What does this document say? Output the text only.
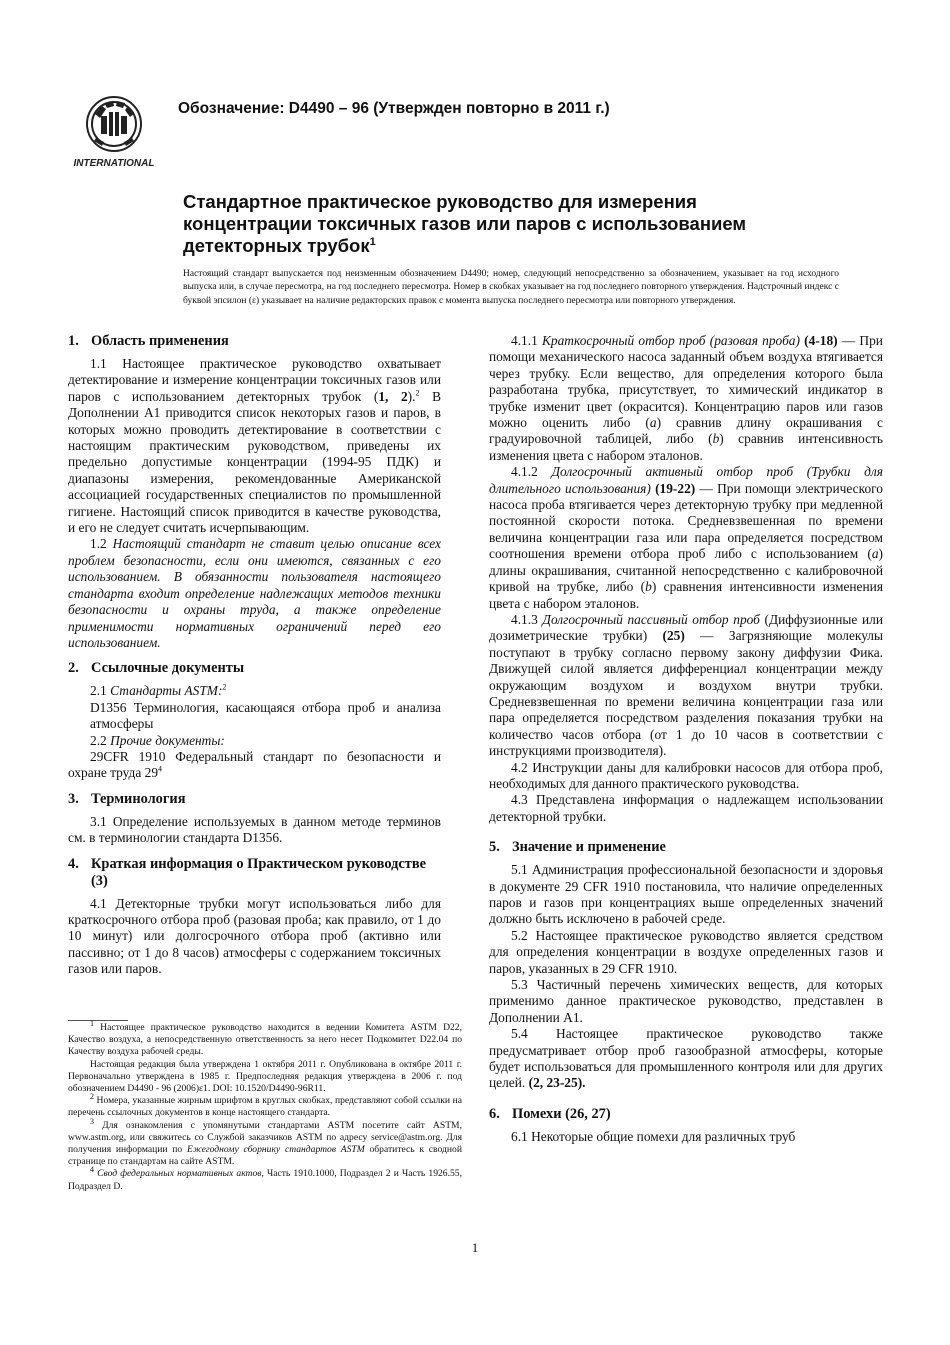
INTERNATIONAL
Обозначение: D4490 – 96 (Утвержден повторно в 2011 г.)
Стандартное практическое руководство для измерения концентрации токсичных газов или паров с использованием детекторных трубок$^1$
Настоящий стандарт выпускается под неизменным обозначением D4490; номер, следующий непосредственно за обозначением, указывает на год исходного выпуска или, в случае пересмотра, на год последнего пересмотра. Номер в скобках указывает на год последнего повторного утверждения. Надстрочный индекс с буквой эпсилон (ε) указывает на наличие редакторских правок с момента выпуска последнего пересмотра или повторного утверждения.
1. Область применения

1.1 Настоящее практическое руководство охватывает детектирование и измерение концентрации токсичных газов или паров с использованием детекторных трубок (1, 2).$^2$ В Дополнении A1 приводится список некоторых газов и паров, в которых можно проводить детектирование в соответствии с настоящим практическим руководством, приведены их предельно допустимые концентрации (1994-95 ПДК) и диапазоны измерения, рекомендованные Американской ассоциацией государственных специалистов по промышленной гигиене. Настоящий список приводится в качестве руководства, и его не следует считать исчерпывающим.

1.2 Настоящий стандарт не ставит целью описание всех проблем безопасности, если они имеются, связанных с его использованием. В обязанности пользователя настоящего стандарта входит определение надлежащих методов техники безопасности и охраны труда, а также определение применимости нормативных ограничений перед его использованием.

2. Ссылочные документы

2.1 Стандарты ASTM:$^2$

D1356 Терминология, касающаяся отбора проб и анализа атмосферы

2.2 Прочие документы:

29CFR 1910 Федеральный стандарт по безопасности и охране труда $29^4$

3. Терминология

3.1 Определение используемых в данном методе терминов см. в терминологии стандарта D1356.

4. Краткая информация о Практическом руководстве (3)

4.1 Детекторные трубки могут использоваться либо для краткосрочного отбора проб (разовая проба; как правило, от 1 до 10 минут) или долгосрочного отбора проб (активно или пассивно; от 1 до 8 часов) атмосферы с содержанием токсичных газов или паров.

4.1.1 Краткосрочный отбор проб (разовая проба) (4-18) — При помощи механического насоса заданный объем воздуха втягивается через трубку. Если вещество, для определения которого была разработана трубка, присутствует, то химический индикатор в трубке изменит цвет (окрасится). Концентрацию паров или газов можно оценить либо (a) сравнив длину окрашивания с градуировочной таблицей, либо (b) сравнив интенсивность изменения цвета с набором эталонов.

4.1.2 Долгосрочный активный отбор проб (Трубки для длительного использования) (19-22) — При помощи электрического насоса проба втягивается через детекторную трубку при медленной постоянной скорости потока. Средневзвешенная по времени величина концентрации газа или пара определяется посредством соотношения времени отбора проб либо с использованием (a) длины окрашивания, считанной непосредственно с калибровочной кривой на трубке, либо (b) сравнения интенсивности изменения цвета с набором эталонов.

4.1.3 Долгосрочный пассивный отбор проб (Диффузионные или дозиметрические трубки) (25) — Загрязняющие молекулы поступают в трубку согласно первому закону диффузии Фика. Движущей силой является дифференциал концентрации между окружающим воздухом и воздухом внутри трубки. Средневзвешенная по времени величина концентрации газа или пара определяется посредством разделения показания трубки на количество часов отбора (от 1 до 10 часов в соответствии с инструкциями производителя).

4.2 Инструкции даны для калибровки насосов для отбора проб, необходимых для данного практического руководства.

4.3 Представлена информация о надлежащем использовании детекторной трубки.

5. Значение и применение

5.1 Администрация профессиональной безопасности и здоровья в документе 29 CFR 1910 постановила, что наличие определенных паров и газов при концентрациях выше определенных значений должно быть исключено в рабочей среде.

5.2 Настоящее практическое руководство является средством для определения концентрации в воздухе определенных газов и паров, указанных в 29 CFR 1910.

5.3 Частичный перечень химических веществ, для которых применимо данное практическое руководство, представлен в Дополнении A1.

5.4 Настоящее практическое руководство также предусматривает отбор проб газообразной атмосферы, которые будет использоваться для промышленного контроля или для других целей. (2, 23-25).

6. Помехи (26, 27)

6.1 Некоторые общие помехи для различных труб

$^1$ Настоящее практическое руководство находится в ведении Комитета ASTM D22, Качество воздуха, а непосредственную ответственность за него несет Подкомитет D22.04 по Качеству воздуха рабочей среды.

Настоящая редакция была утверждена 1 октября 2011 г. Опубликована в октябре 2011 г. Первоначально утверждена в 1985 г. Предпоследняя редакция утверждена в 2006 г. под обозначением D4490 - 96 (2006)ε1. DOI: 10.1520/D4490-96R11.

$^2$ Номера, указанные жирным шрифтом в круглых скобках, представляют собой ссылки на перечень ссылочных документов в конце настоящего стандарта.

$^3$ Для ознакомления с упомянутыми стандартами ASTM посетите сайт ASTM, www.astm.org, или свяжитесь со Службой заказчиков ASTM по адресу service@astm.org. Для получения информации по Ежегодному сборнику стандартов ASTM обратитесь к сводной странице по стандартам на сайте ASTM.

$^4$ Свод федеральных нормативных актов, Часть 1910.1000, Подраздел 2 и Часть 1926.55, Подраздел D.

1
